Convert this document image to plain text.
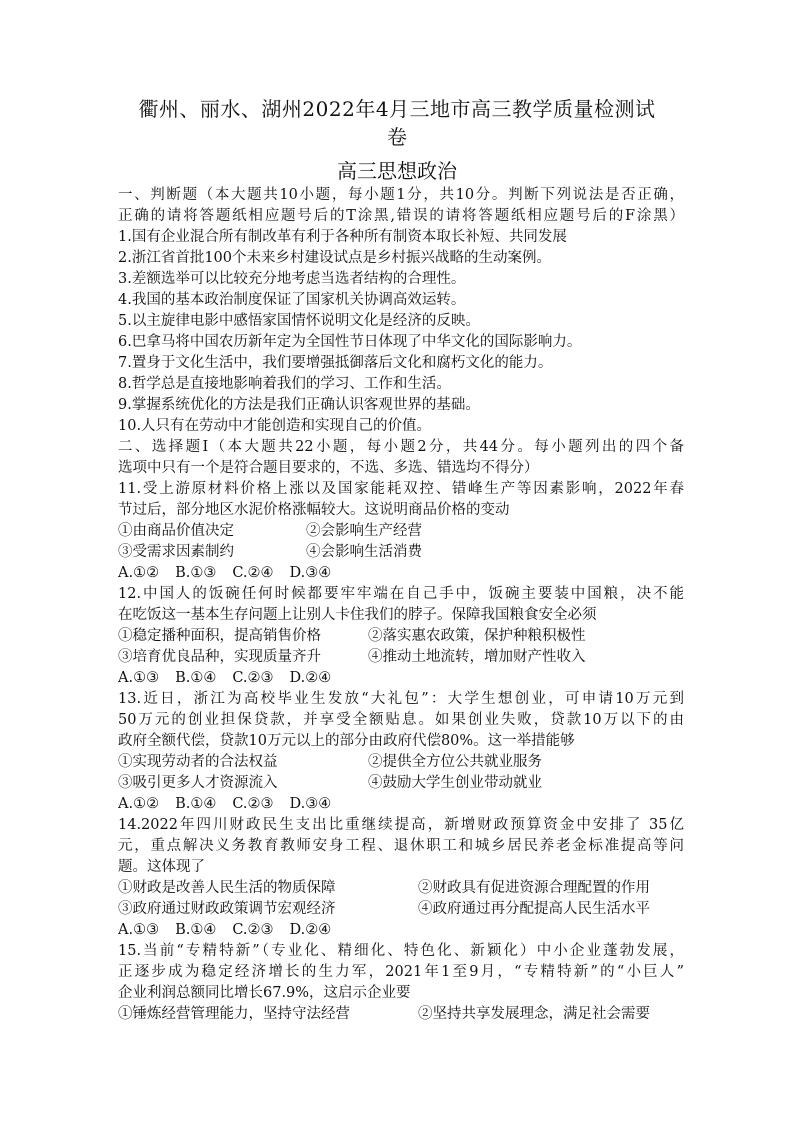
衢州、丽水、湖州2022年4月三地市高三教学质量检测试
卷
高三思想政治
一、判断题（本大题共10小题，每小题1分，共10分。判断下列说法是否正确，
正确的请将答题纸相应题号后的T涂黑,错误的请将答题纸相应题号后的F涂黑）
1.国有企业混合所有制改革有利于各种所有制资本取长补短、共同发展
2.浙江省首批100个未来乡村建设试点是乡村振兴战略的生动案例。
3.差额选举可以比较充分地考虑当选者结构的合理性。
4.我国的基本政治制度保证了国家机关协调高效运转。
5.以主旋律电影中感悟家国情怀说明文化是经济的反映。
6.巴拿马将中国农历新年定为全国性节日体现了中华文化的国际影响力。
7.置身于文化生活中，我们要增强抵御落后文化和腐朽文化的能力。
8.哲学总是直接地影响着我们的学习、工作和生活。
9.掌握系统优化的方法是我们正确认识客观世界的基础。
10.人只有在劳动中才能创造和实现自己的价值。
二、选择题Ⅰ（本大题共22小题，每小题2分，共44分。每小题列出的四个备
选项中只有一个是符合题目要求的，不选、多选、错选均不得分）
11.受上游原材料价格上涨以及国家能耗双控、错峰生产等因素影响，2022年春
节过后，部分地区水泥价格涨幅较大。这说明商品价格的变动
①由商品价值决定	②会影响生产经营
③受需求因素制约	④会影响生活消费
A.①② B.①③ C.②④ D.③④
12.中国人的饭碗任何时候都要牢牢端在自己手中，饭碗主要装中国粮，决不能
在吃饭这一基本生存问题上让别人卡住我们的脖子。保障我国粮食安全必须
①稳定播种面积，提高销售价格	②落实惠农政策，保护种粮积极性
③培育优良品种，实现质量齐升	④推动土地流转，增加财产性收入
A.①③ B.①④ C.②③ D.②④
13.近日，浙江为高校毕业生发放“大礼包”：大学生想创业，可申请10万元到
50万元的创业担保贷款，并享受全额贴息。如果创业失败，贷款10万以下的由
政府全额代偿，贷款10万元以上的部分由政府代偿80%。这一举措能够
①实现劳动者的合法权益	②提供全方位公共就业服务
③吸引更多人才资源流入	④鼓励大学生创业带动就业
A.①② B.①④ C.②③ D.③④
14.2022年四川财政民生支出比重继续提高，新增财政预算资金中安排了 35亿
元，重点解决义务教育教师安身工程、退休职工和城乡居民养老金标准提高等问
题。这体现了
①财政是改善人民生活的物质保障	②财政具有促进资源合理配置的作用
③政府通过财政政策调节宏观经济	④政府通过再分配提高人民生活水平
A.①③ B.①④ C.②③ D.②④
15.当前“专精特新”（专业化、精细化、特色化、新颖化）中小企业蓬勃发展，
正逐步成为稳定经济增长的生力军，2021年1至9月，“专精特新”的“小巨人”
企业利润总额同比增长67.9%，这启示企业要
①锤炼经营管理能力，坚持守法经营	②坚持共享发展理念，满足社会需要
